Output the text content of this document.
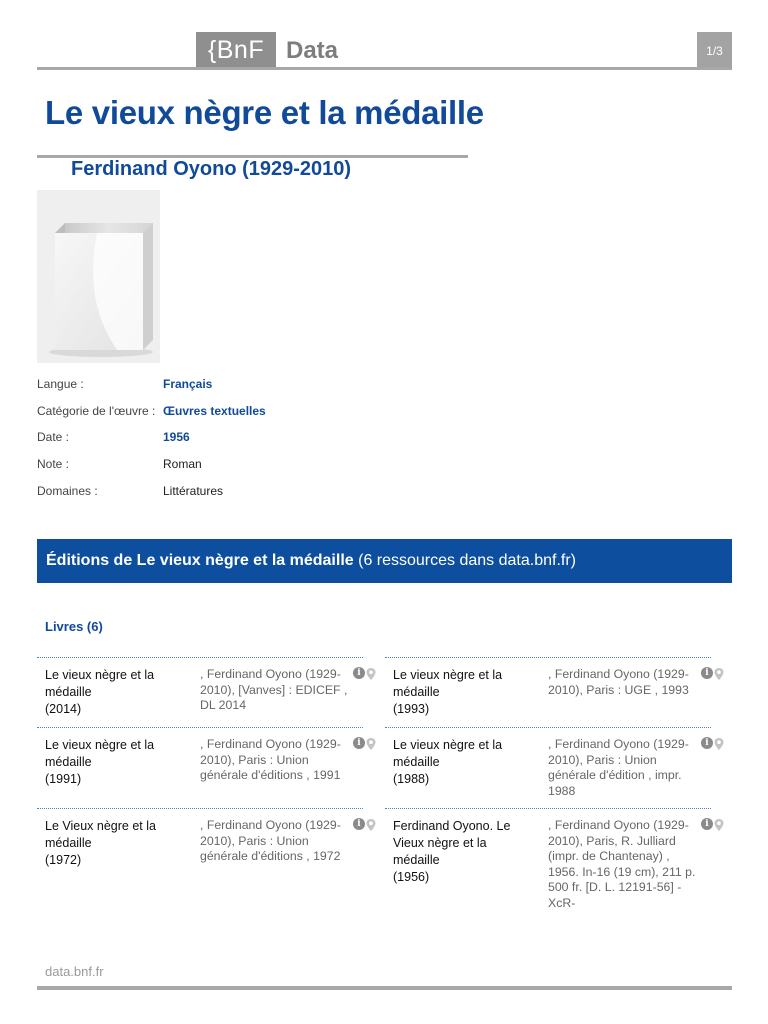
{BnF Data	1/3
Le vieux nègre et la médaille
Ferdinand Oyono (1929-2010)
Langue :	Français
Catégorie de l'œuvre : Œuvres textuelles
Date :	1956
Note :	Roman
Domaines :	Littératures
Éditions de Le vieux nègre et la médaille (6 ressources dans data.bnf.fr)
Livres (6)
Le vieux nègre et la médaille
(2014)
, Ferdinand Oyono (1929-2010), [Vanves] : EDICEF , DL 2014
i	Le vieux nègre et la médaille
(1993)
, Ferdinand Oyono (1929-2010), Paris : UGE , 1993
i
Le vieux nègre et la médaille
(1991)
, Ferdinand Oyono (1929-2010), Paris : Union générale d'éditions , 1991
i	Le vieux nègre et la médaille
(1988)
, Ferdinand Oyono (1929-2010), Paris : Union générale d'édition , impr. 1988
i
Le Vieux nègre et la médaille
(1972)
, Ferdinand Oyono (1929-2010), Paris : Union générale d'éditions , 1972
i	Ferdinand Oyono. Le Vieux nègre et la médaille
(1956)
, Ferdinand Oyono (1929-2010), Paris, R. Julliard (impr. de Chantenay) , 1956. In-16 (19 cm), 211 p. 500 fr. [D. L. 12191-56] -XcR-
i
data.bnf.fr
